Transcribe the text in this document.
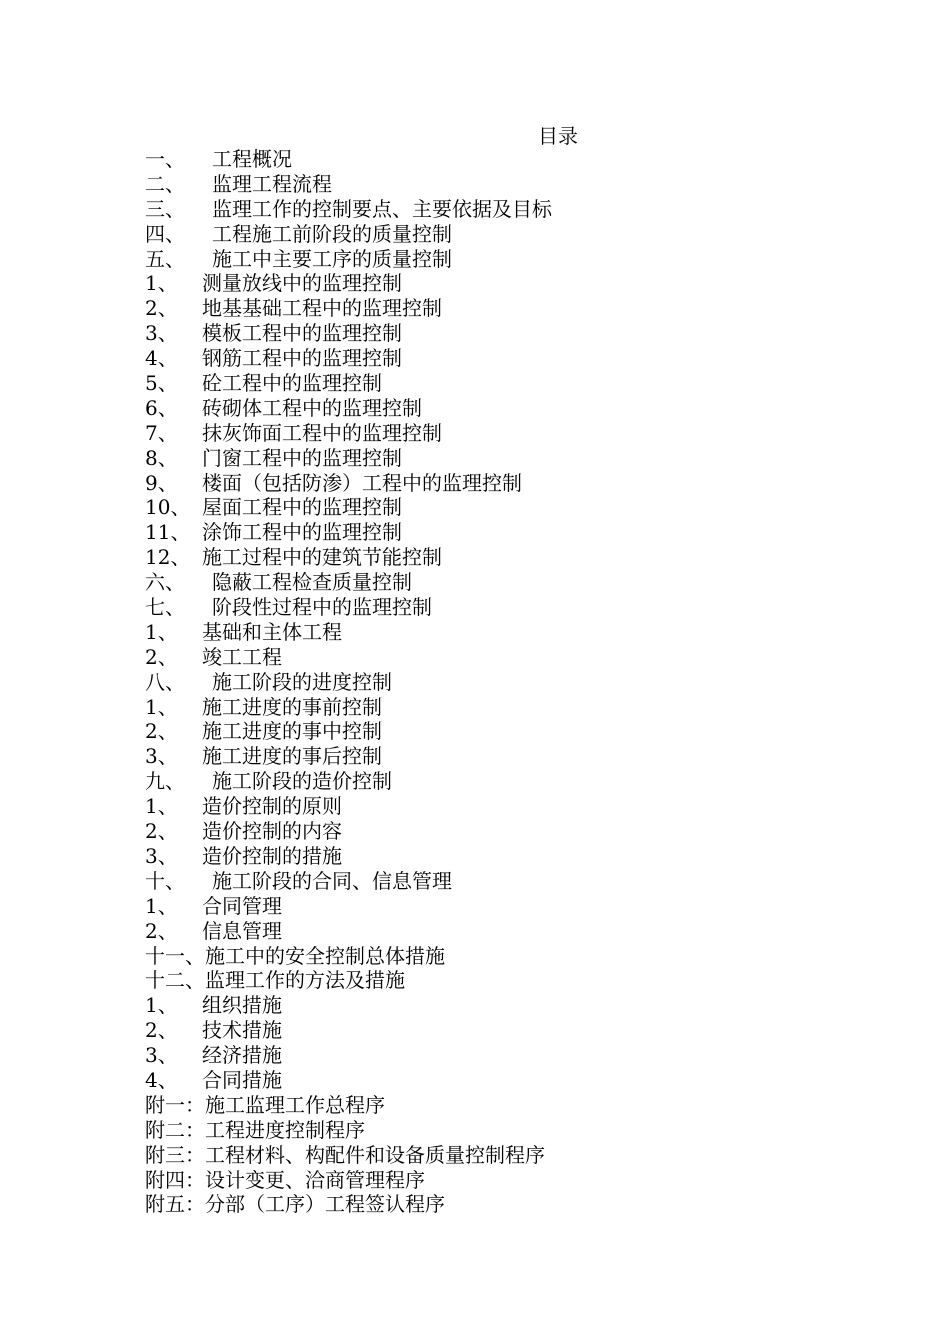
目录
一、	工程概况
二、	监理工程流程
三、	监理工作的控制要点、主要依据及目标
四、	工程施工前阶段的质量控制
五、	施工中主要工序的质量控制
1、	测量放线中的监理控制
2、	地基基础工程中的监理控制
3、	模板工程中的监理控制
4、	钢筋工程中的监理控制
5、	砼工程中的监理控制
6、	砖砌体工程中的监理控制
7、	抹灰饰面工程中的监理控制
8、	门窗工程中的监理控制
9、	楼面（包括防渗）工程中的监理控制
10、 屋面工程中的监理控制
11、 涂饰工程中的监理控制
12、 施工过程中的建筑节能控制
六、	隐蔽工程检查质量控制
七、	阶段性过程中的监理控制
1、	基础和主体工程
2、	竣工工程
八、	施工阶段的进度控制
1、	施工进度的事前控制
2、	施工进度的事中控制
3、	施工进度的事后控制
九、	施工阶段的造价控制
1、	造价控制的原则
2、	造价控制的内容
3、	造价控制的措施
十、	施工阶段的合同、信息管理
1、	合同管理
2、	信息管理
十一、 施工中的安全控制总体措施
十二、 监理工作的方法及措施
1、	组织措施
2、	技术措施
3、	经济措施
4、	合同措施
附一： 施工监理工作总程序
附二： 工程进度控制程序
附三： 工程材料、构配件和设备质量控制程序
附四： 设计变更、洽商管理程序
附五： 分部（工序）工程签认程序
